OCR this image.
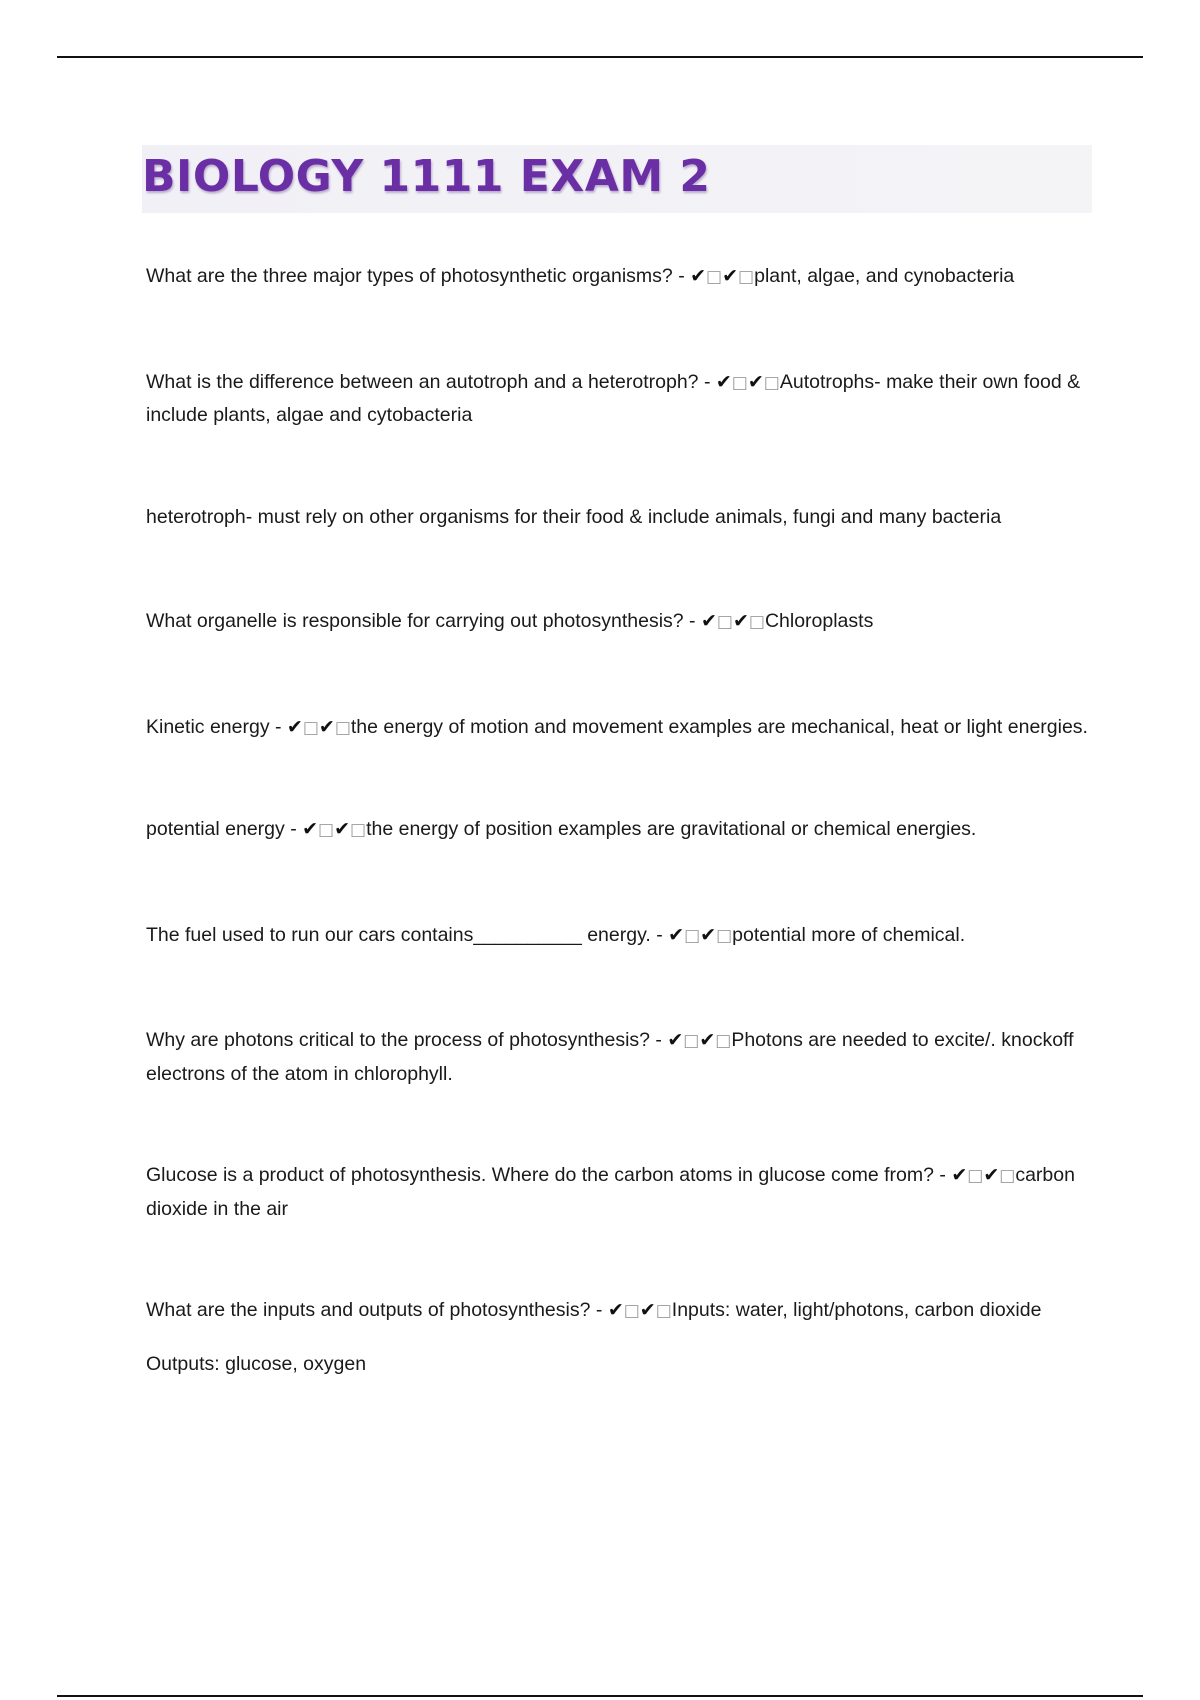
BIOLOGY 1111 EXAM 2

What are the three major types of photosynthetic organisms? - ✔□✔□plant, algae, and cynobacteria

What is the difference between an autotroph and a heterotroph? - ✔□✔□Autotrophs- make their own food & include plants, algae and cytobacteria

heterotroph- must rely on other organisms for their food & include animals, fungi and many bacteria

What organelle is responsible for carrying out photosynthesis? - ✔□✔□Chloroplasts

Kinetic energy - ✔□✔□the energy of motion and movement examples are mechanical, heat or light energies.

potential energy - ✔□✔□the energy of position examples are gravitational or chemical energies.

The fuel used to run our cars contains__________ energy. - ✔□✔□potential more of chemical.

Why are photons critical to the process of photosynthesis? - ✔□✔□Photons are needed to excite/. knockoff electrons of the atom in chlorophyll.

Glucose is a product of photosynthesis. Where do the carbon atoms in glucose come from? - ✔□✔□carbon dioxide in the air

What are the inputs and outputs of photosynthesis? - ✔□✔□Inputs: water, light/photons, carbon dioxide

Outputs: glucose, oxygen
